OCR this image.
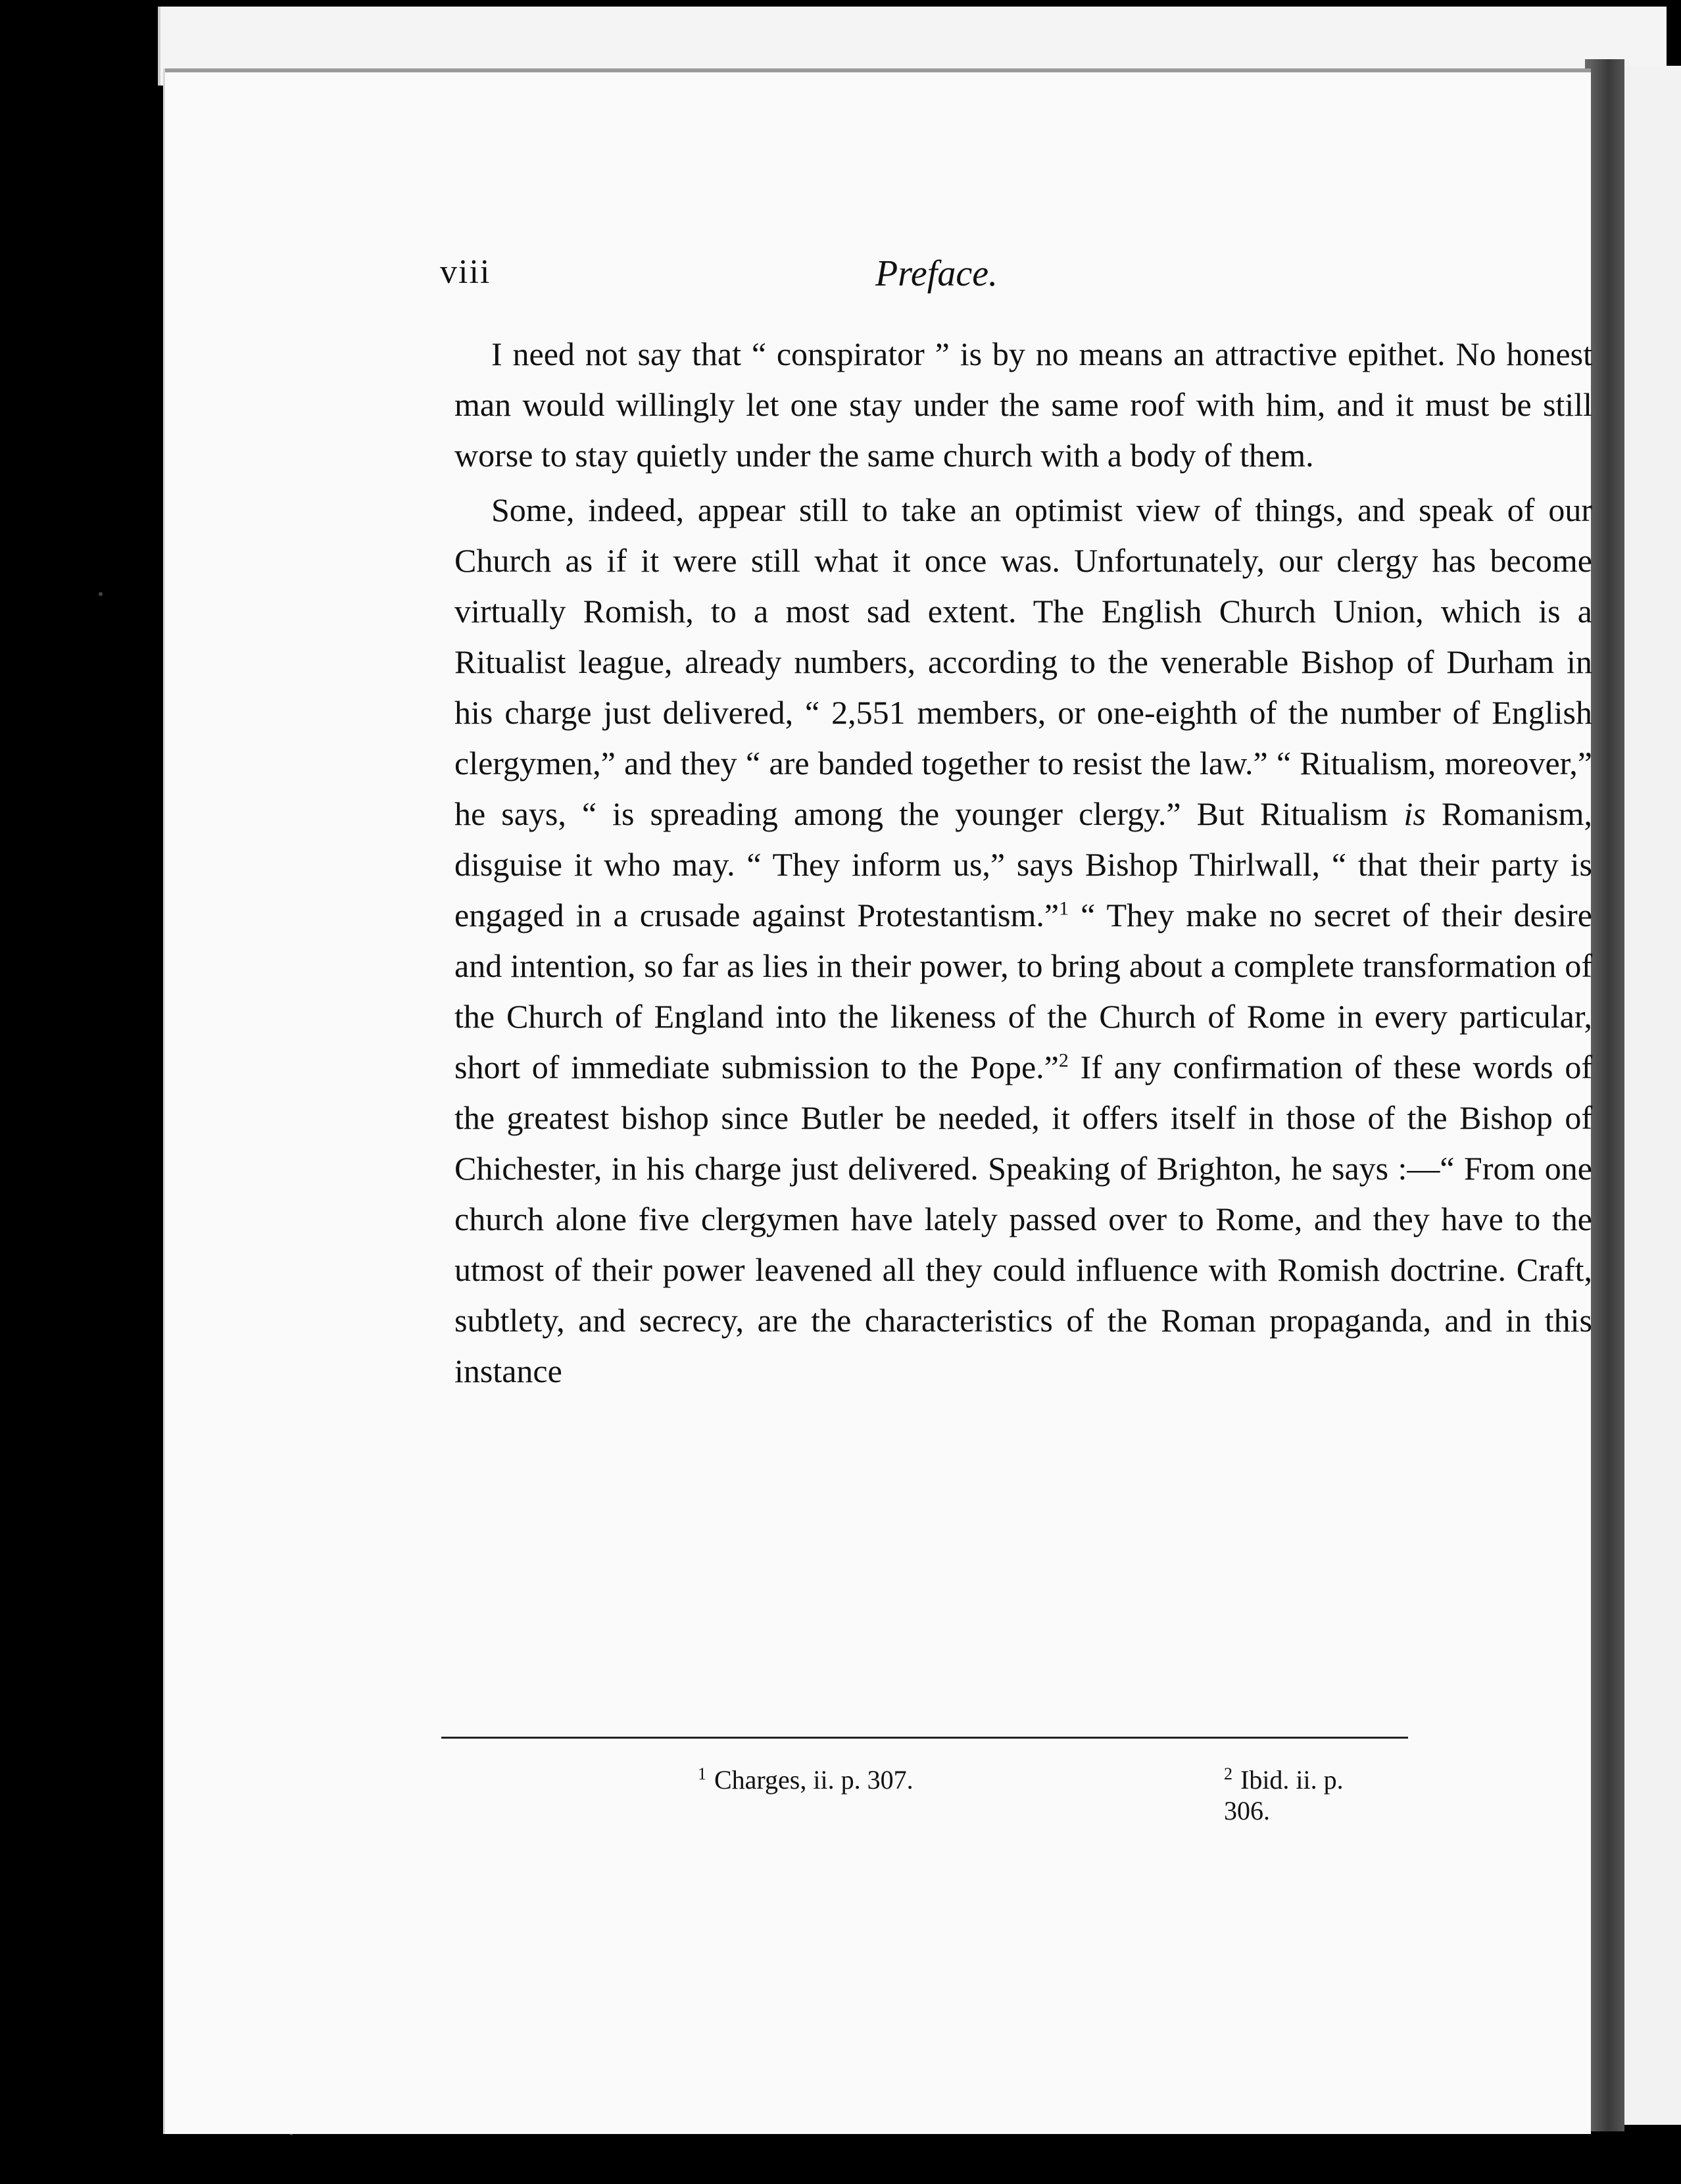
viii	Preface.

I need not say that “ conspirator ” is by no means an attractive epithet. No honest man would willingly let one stay under the same roof with him, and it must be still worse to stay quietly under the same church with a body of them.

Some, indeed, appear still to take an optimist view of things, and speak of our Church as if it were still what it once was. Unfortunately, our clergy has become virtually Romish, to a most sad extent. The English Church Union, which is a Ritualist league, already numbers, according to the venerable Bishop of Durham in his charge just delivered, “ 2,551 members, or one-eighth of the number of English clergymen,” and they “ are banded together to resist the law.” “ Ritualism, moreover,” he says, “ is spreading among the younger clergy.” But Ritualism is Romanism, disguise it who may. “ They inform us,” says Bishop Thirlwall, “ that their party is engaged in a crusade against Protestantism.”$^1$ “ They make no secret of their desire and intention, so far as lies in their power, to bring about a complete transformation of the Church of England into the likeness of the Church of Rome in every particular, short of immediate submission to the Pope.”$^2$ If any confirmation of these words of the greatest bishop since Butler be needed, it offers itself in those of the Bishop of Chichester, in his charge just delivered. Speaking of Brighton, he says :—“ From one church alone five clergymen have lately passed over to Rome, and they have to the utmost of their power leavened all they could influence with Romish doctrine. Craft, subtlety, and secrecy, are the characteristics of the Roman propaganda, and in this instance

$^1$ Charges, ii. p. 307.	$^2$ Ibid. ii. p. 306.
